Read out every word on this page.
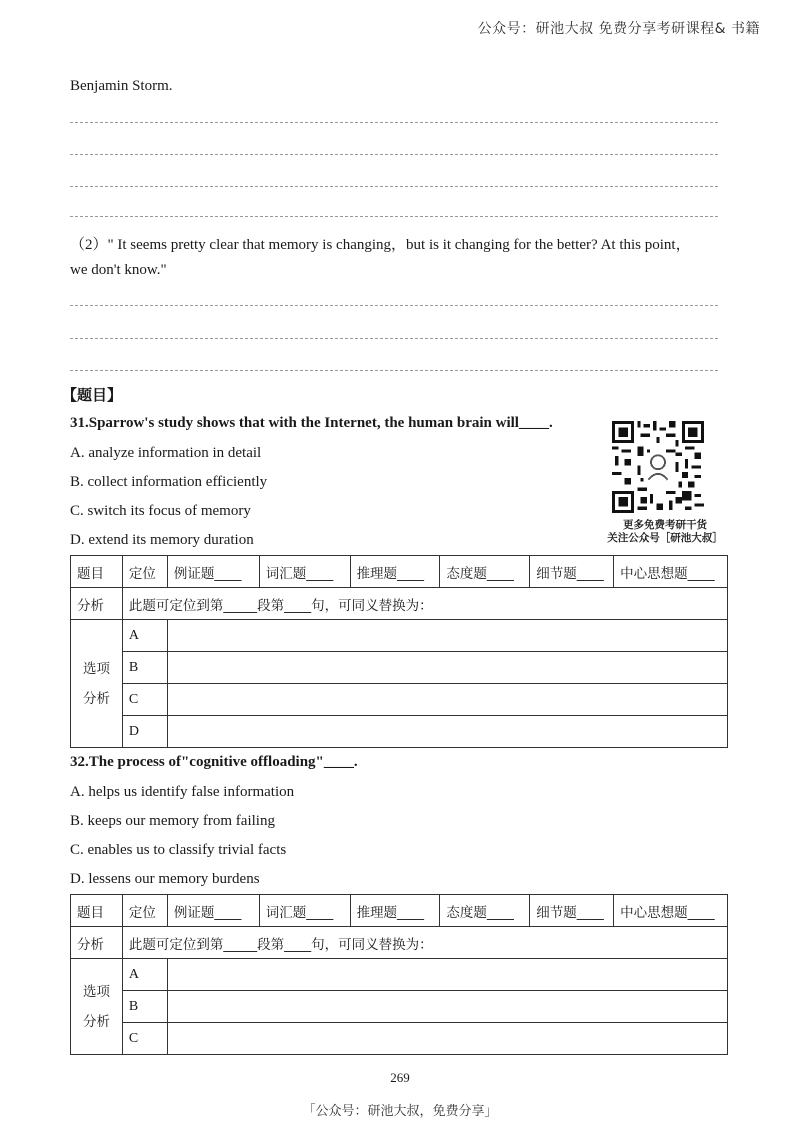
公众号：研池大叔 免费分享考研课程& 书籍
Benjamin Storm.
（2）" It seems pretty clear that memory is changing，but is it changing for the better? At this point，
we don't know."
【题目】
31.Sparrow's study shows that with the Internet, the human brain will____.
A. analyze information in detail
B. collect information efficiently
C. switch its focus of memory
D. extend its memory duration
更多免费考研干货
关注公众号［研池大叔］
题目	定位	例证题____	词汇题____	推理题____	态度题____	细节题____	中心思想题____
分析	此题可定位到第_____段第____句，可同义替换为：						

选项
分析	A						
	B						
	C						
	D						
32.The process of"cognitive offloading"____.
A. helps us identify false information
B. keeps our memory from failing
C. enables us to classify trivial facts
D. lessens our memory burdens
题目	定位	例证题____	词汇题____	推理题____	态度题____	细节题____	中心思想题____
分析	此题可定位到第_____段第____句，可同义替换为：						

选项
分析	A						
	B						
	C						
269
「公众号：研池大叔，免费分享」
